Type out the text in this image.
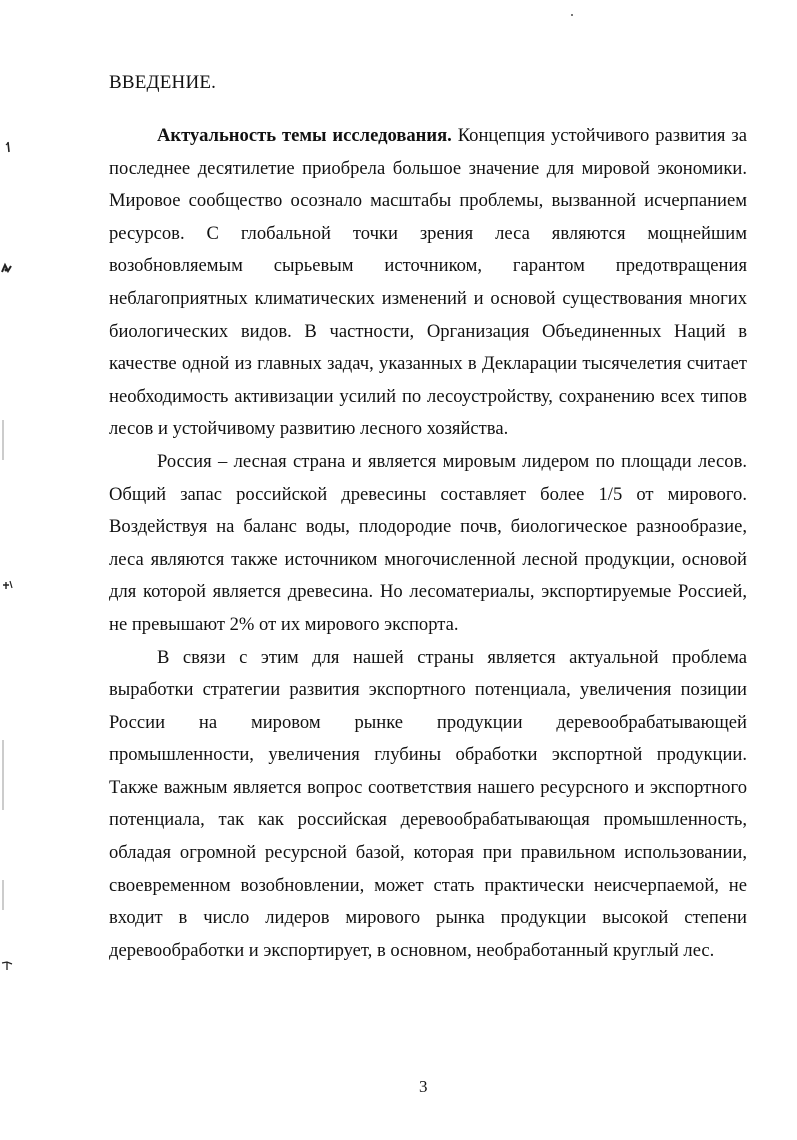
ВВЕДЕНИЕ.

Актуальность темы исследования. Концепция устойчивого развития за последнее десятилетие приобрела большое значение для мировой экономики. Мировое сообщество осознало масштабы проблемы, вызванной исчерпанием ресурсов. С глобальной точки зрения леса являются мощнейшим возобновляемым сырьевым источником, гарантом предотвращения неблагоприятных климатических изменений и основой существования многих биологических видов. В частности, Организация Объединенных Наций в качестве одной из главных задач, указанных в Декларации тысячелетия считает необходимость активизации усилий по лесоустройству, сохранению всех типов лесов и устойчивому развитию лесного хозяйства.

Россия – лесная страна и является мировым лидером по площади лесов. Общий запас российской древесины составляет более 1/5 от мирового. Воздействуя на баланс воды, плодородие почв, биологическое разнообразие, леса являются также источником многочисленной лесной продукции, основой для которой является древесина. Но лесоматериалы, экспортируемые Россией, не превышают 2% от их мирового экспорта.

В связи с этим для нашей страны является актуальной проблема выработки стратегии развития экспортного потенциала, увеличения позиции России на мировом рынке продукции деревообрабатывающей промышленности, увеличения глубины обработки экспортной продукции. Также важным является вопрос соответствия нашего ресурсного и экспортного потенциала, так как российская деревообрабатывающая промышленность, обладая огромной ресурсной базой, которая при правильном использовании, своевременном возобновлении, может стать практически неисчерпаемой, не входит в число лидеров мирового рынка продукции высокой степени деревообработки и экспортирует, в основном, необработанный круглый лес.

3
